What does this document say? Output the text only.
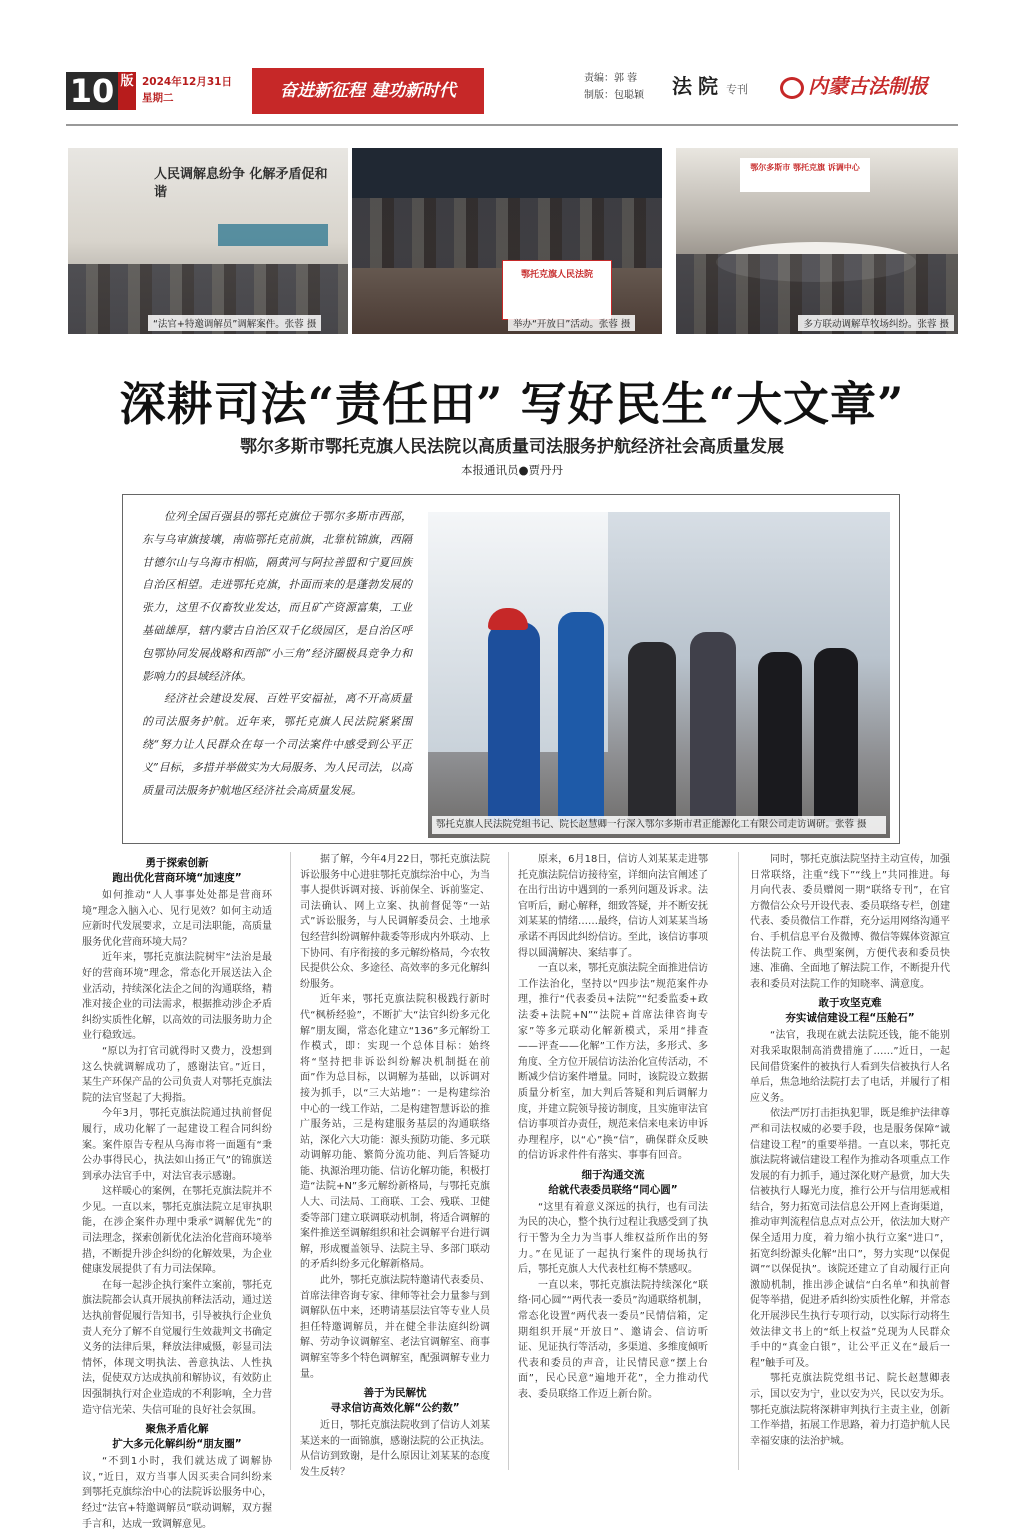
10 版 2024年12月31日
星期二	奋进新征程 建功新时代
责编：郭 蓉
制版：包聪颖 法院 专刊	内蒙古法制报
人民调解息纷争 化解矛盾促和谐
“法官+特邀调解员”调解案件。张蓉 摄
鄂托克旗人民法院
举办“开放日”活动。张蓉 摄
鄂尔多斯市 鄂托克旗 诉调中心
多方联动调解草牧场纠纷。张蓉 摄
深耕司法“责任田” 写好民生“大文章”
鄂尔多斯市鄂托克旗人民法院以高质量司法服务护航经济社会高质量发展
本报通讯员●贾丹丹

位列全国百强县的鄂托克旗位于鄂尔多斯市西部，东与乌审旗接壤，南临鄂托克前旗，北靠杭锦旗，西隔甘德尔山与乌海市相临，隔黄河与阿拉善盟和宁夏回族自治区相望。走进鄂托克旗，扑面而来的是蓬勃发展的张力，这里不仅畜牧业发达，而且矿产资源富集，工业基础雄厚，辖内蒙古自治区双千亿级园区，是自治区呼包鄂协同发展战略和西部“小三角”经济圈极具竞争力和影响力的县域经济体。

经济社会建设发展、百姓平安福祉，离不开高质量的司法服务护航。近年来，鄂托克旗人民法院紧紧围绕“努力让人民群众在每一个司法案件中感受到公平正义”目标，多措并举做实为大局服务、为人民司法，以高质量司法服务护航地区经济社会高质量发展。

鄂托克旗人民法院党组书记、院长赵慧卿一行深入鄂尔多斯市君正能源化工有限公司走访调研。张蓉 摄
勇于探索创新
跑出优化营商环境“加速度”

如何推动“人人事事处处都是营商环境”理念入脑入心、见行见效？如何主动适应新时代发展要求，立足司法职能，高质量服务优化营商环境大局？

近年来，鄂托克旗法院树牢“法治是最好的营商环境”理念，常态化开展送法入企业活动，持续深化法企之间的沟通联络，精准对接企业的司法需求，根据推动涉企矛盾纠纷实质性化解，以高效的司法服务助力企业行稳致远。

“原以为打官司就得时又费力，没想到这么快就调解成功了，感谢法官。”近日，某生产环保产品的公司负责人对鄂托克旗法院的法官竖起了大拇指。

今年3月，鄂托克旗法院通过执前督促履行，成功化解了一起建设工程合同纠纷案。案件原告专程从乌海市将一面题有“秉公办事得民心，执法如山扬正气”的锦旗送到承办法官手中，对法官表示感谢。

这样暖心的案例，在鄂托克旗法院并不少见。一直以来，鄂托克旗法院立足审执职能，在涉企案件办理中秉承“调解优先”的司法理念，探索创新优化法治化营商环境举措，不断提升涉企纠纷的化解效果，为企业健康发展提供了有力司法保障。

在每一起涉企执行案件立案前，鄂托克旗法院都会认真开展执前释法活动，通过送达执前督促履行告知书，引导被执行企业负责人充分了解不自觉履行生效裁判文书确定义务的法律后果，释放法律威慑，彰显司法情怀，体现文明执法、善意执法、人性执法，促使双方达成执前和解协议，有效防止因强制执行对企业造成的不利影响，全力营造守信光荣、失信可耻的良好社会氛围。

聚焦矛盾化解
扩大多元化解纠纷“朋友圈”

“不到1小时，我们就达成了调解协议，”近日，双方当事人因买卖合同纠纷来到鄂托克旗综治中心的法院诉讼服务中心，经过“法官+特邀调解员”联动调解，双方握手言和，达成一致调解意见。

据了解，今年4月22日，鄂托克旗法院诉讼服务中心进驻鄂托克旗综治中心，为当事人提供诉调对接、诉前保全、诉前鉴定、司法确认、网上立案、执前督促等“一站式”诉讼服务，与人民调解委员会、土地承包经营纠纷调解仲裁委等形成内外联动、上下协同、有序衔接的多元解纷格局，今农牧民提供公众、多途径、高效率的多元化解纠纷服务。

近年来，鄂托克旗法院积极践行新时代“枫桥经验”，不断扩大“法官纠纷多元化解”朋友圈，常态化建立“136”多元解纷工作模式，即：实现一个总体目标：始终将“坚持把非诉讼纠纷解决机制挺在前面”作为总目标，以调解为基础，以诉调对接为抓手，以“三大站地”：一是构建综治中心的一线工作站，二是构建智慧诉讼的推广服务站，三是构建服务基层的沟通联络站，深化六大功能：源头预防功能、多元联动调解功能、繁简分流功能、判后答疑功能、执源治理功能、信访化解功能，积极打造“法院+N”多元解纷新格局，与鄂托克旗人大、司法局、工商联、工会、残联、卫健委等部门建立联调联动机制，将适合调解的案件推送至调解组织和社会调解平台进行调解，形成覆盖领导、法院主导、多部门联动的矛盾纠纷多元化解新格局。

此外，鄂托克旗法院特邀请代表委员、首席法律咨询专家、律师等社会力量参与到调解队伍中来，还聘请基层法官等专业人员担任特邀调解员，并在健全非法庭纠纷调解、劳动争议调解室、老法官调解室、商事调解室等多个特色调解室，配强调解专业力量。

善于为民解忧
寻求信访高效化解“公约数”

近日，鄂托克旗法院收到了信访人刘某某送来的一面锦旗，感谢法院的公正执法。从信访到致谢，是什么原因让刘某某的态度发生反转？

原来，6月18日，信访人刘某某走进鄂托克旗法院信访接待室，详细向法官阐述了在出行出访中遇到的一系列问题及诉求。法官听后，耐心解释，细致答疑，并不断安抚刘某某的情绪……最终，信访人刘某某当场承诺不再因此纠纷信访。至此，该信访事项得以圆满解决、案结事了。

一直以来，鄂托克旗法院全面推进信访工作法治化，坚持以“四步法”规范案件办理，推行“代表委员+法院”“纪委监委+政法委+法院+N”“法院+首席法律咨询专家”等多元联动化解新模式，采用“排查——评查——化解”工作方法，多形式、多角度、全方位开展信访法治化宣传活动，不断减少信访案件增量。同时，该院设立数据质量分析室，加大判后答疑和判后调解力度，并建立院领导接访制度，且实施审法官信访事项首办责任，规范来信来电来访申诉办理程序，以“心”换“信”，确保群众反映的信访诉求件件有落实、事事有回音。

细于沟通交流
给就代表委员联络“同心圆”

“这里有着意义深远的执行，也有司法为民的决心，整个执行过程让我感受到了执行干警为全力为当事人维权益所作出的努力。”在见证了一起执行案件的现场执行后，鄂托克旗人大代表杜红梅不禁感叹。

一直以来，鄂托克旗法院持续深化“联络·同心圆”“两代表一委员”沟通联络机制，常态化设置“两代表一委员”民情信箱，定期组织开展“开放日”、邀请会、信访听证、见证执行等活动，多渠道、多维度倾听代表和委员的声音，让民情民意“摆上台面”，民心民意“遍地开花”，全力推动代表、委员联络工作迈上新台阶。

同时，鄂托克旗法院坚持主动宣传，加强日常联络，注重“线下”“线上”共同推进。每月向代表、委员赠阅一期“联络专刊”，在官方微信公众号开设代表、委员联络专栏，创建代表、委员微信工作群，充分运用网络沟通平台、手机信息平台及微博、微信等媒体资源宣传法院工作、典型案例，方便代表和委员快速、准确、全面地了解法院工作，不断提升代表和委员对法院工作的知晓率、满意度。

敢于攻坚克难
夯实诚信建设工程“压舱石”

“法官，我现在就去法院还钱，能不能别对我采取限制高消费措施了……”近日，一起民间借贷案件的被执行人看到失信被执行人名单后，焦急地给法院打去了电话，并履行了相应义务。

依法严厉打击拒执犯罪，既是维护法律尊严和司法权威的必要手段，也是服务保障“诚信建设工程”的重要举措。一直以来，鄂托克旗法院将诚信建设工程作为推动各项重点工作发展的有力抓手，通过深化财产悬赏，加大失信被执行人曝光力度，推行公开与信用惩戒相结合，努力拓宽司法信息公开网上查询渠道，推动审判流程信息点对点公开，依法加大财产保全适用力度，着力缩小执行立案“进口”，拓宽纠纷源头化解“出口”，努力实现“以保促调”“以保促执”。该院还建立了自动履行正向激励机制，推出涉企诚信“白名单”和执前督促等举措，促进矛盾纠纷实质性化解，并常态化开展涉民生执行专项行动，以实际行动将生效法律文书上的“纸上权益”兑现为人民群众手中的“真金白银”，让公平正义在“最后一程”触手可及。

鄂托克旗法院党组书记、院长赵慧卿表示，国以安为宁，业以安为兴，民以安为乐。鄂托克旗法院将深耕审判执行主责主业，创新工作举措，拓展工作思路，着力打造护航人民幸福安康的法治护城。
